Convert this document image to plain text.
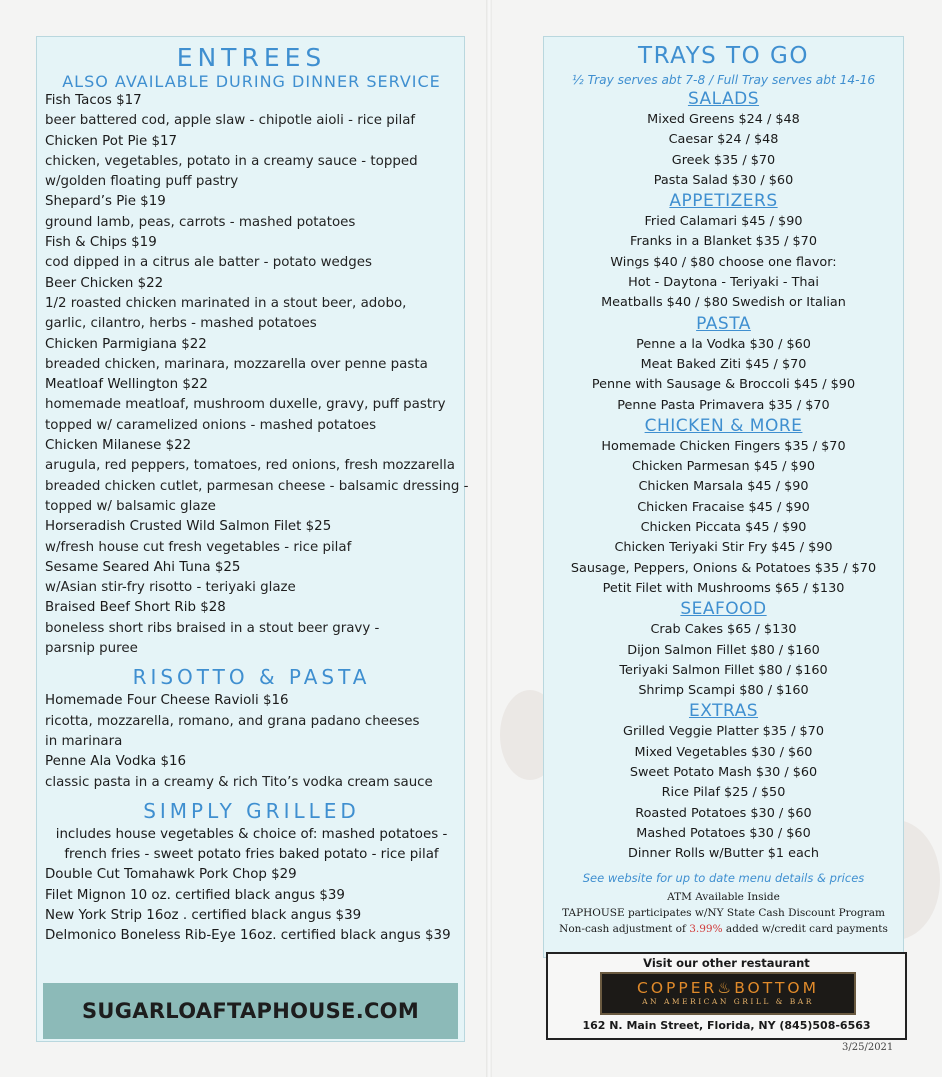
ENTREES
ALSO AVAILABLE DURING DINNER SERVICE
Fish Tacos $17
beer battered cod, apple slaw - chipotle aioli - rice pilaf
Chicken Pot Pie $17
chicken, vegetables, potato in a creamy sauce - topped
w/golden floating puff pastry
Shepard’s Pie $19
ground lamb, peas, carrots - mashed potatoes
Fish & Chips $19
cod dipped in a citrus ale batter - potato wedges
Beer Chicken $22
1/2 roasted chicken marinated in a stout beer, adobo,
garlic, cilantro, herbs - mashed potatoes
Chicken Parmigiana $22
breaded chicken, marinara, mozzarella over penne pasta
Meatloaf Wellington $22
homemade meatloaf, mushroom duxelle, gravy, puff pastry
topped w/ caramelized onions - mashed potatoes
Chicken Milanese $22
arugula, red peppers, tomatoes, red onions, fresh mozzarella
breaded chicken cutlet, parmesan cheese - balsamic dressing -
topped w/ balsamic glaze
Horseradish Crusted Wild Salmon Filet $25
w/fresh house cut fresh vegetables - rice pilaf
Sesame Seared Ahi Tuna $25
w/Asian stir-fry risotto - teriyaki glaze
Braised Beef Short Rib $28
boneless short ribs braised in a stout beer gravy -
parsnip puree
RISOTTO & PASTA
Homemade Four Cheese Ravioli $16
ricotta, mozzarella, romano, and grana padano cheeses
in marinara
Penne Ala Vodka $16
classic pasta in a creamy & rich Tito’s vodka cream sauce
SIMPLY GRILLED
includes house vegetables & choice of: mashed potatoes -
french fries - sweet potato fries baked potato - rice pilaf
Double Cut Tomahawk Pork Chop $29
Filet Mignon 10 oz. certified black angus $39
New York Strip 16oz . certified black angus $39
Delmonico Boneless Rib-Eye 16oz. certified black angus $39
SUGARLOAFTAPHOUSE.COM
TRAYS TO GO
½ Tray serves abt 7-8 / Full Tray serves abt 14-16
SALADS
Mixed Greens $24 / $48
Caesar $24 / $48
Greek $35 / $70
Pasta Salad $30 / $60
APPETIZERS
Fried Calamari $45 / $90
Franks in a Blanket $35 / $70
Wings $40 / $80 choose one flavor:
Hot - Daytona - Teriyaki - Thai
Meatballs $40 / $80 Swedish or Italian
PASTA
Penne a la Vodka $30 / $60
Meat Baked Ziti $45 / $70
Penne with Sausage & Broccoli $45 / $90
Penne Pasta Primavera $35 / $70
CHICKEN & MORE
Homemade Chicken Fingers $35 / $70
Chicken Parmesan $45 / $90
Chicken Marsala $45 / $90
Chicken Fracaise $45 / $90
Chicken Piccata $45 / $90
Chicken Teriyaki Stir Fry $45 / $90
Sausage, Peppers, Onions & Potatoes $35 / $70
Petit Filet with Mushrooms $65 / $130
SEAFOOD
Crab Cakes $65 / $130
Dijon Salmon Fillet $80 / $160
Teriyaki Salmon Fillet $80 / $160
Shrimp Scampi $80 / $160
EXTRAS
Grilled Veggie Platter $35 / $70
Mixed Vegetables $30 / $60
Sweet Potato Mash $30 / $60
Rice Pilaf $25 / $50
Roasted Potatoes $30 / $60
Mashed Potatoes $30 / $60
Dinner Rolls w/Butter $1 each
See website for up to date menu details & prices
ATM Available Inside
TAPHOUSE participates w/NY State Cash Discount Program
Non-cash adjustment of 3.99% added w/credit card payments
Visit our other restaurant
COPPER♨BOTTOM
AN AMERICAN GRILL & BAR
162 N. Main Street, Florida, NY (845)508-6563
3/25/2021
